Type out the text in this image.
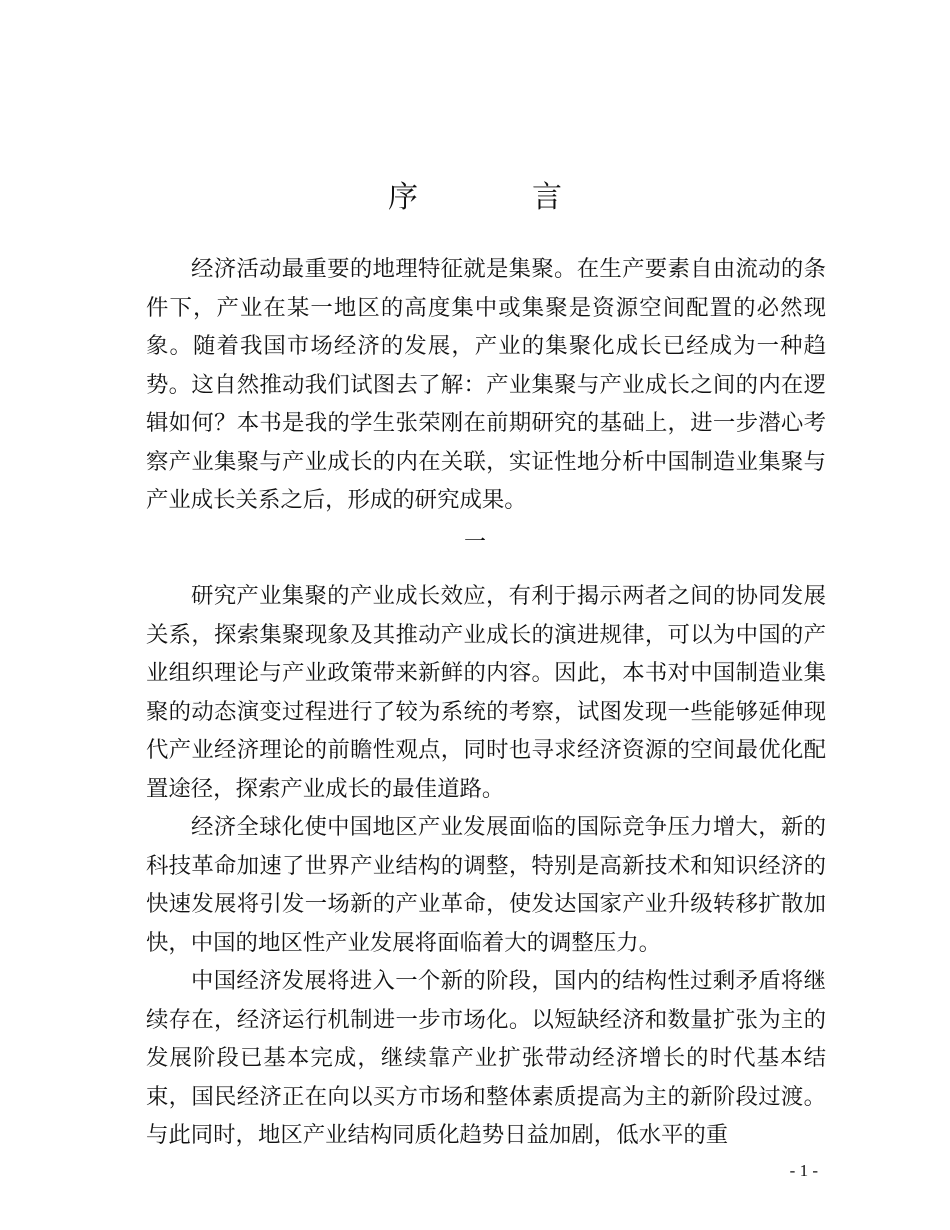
序　言

经济活动最重要的地理特征就是集聚。在生产要素自由流动的条件下，产业在某一地区的高度集中或集聚是资源空间配置的必然现象。随着我国市场经济的发展，产业的集聚化成长已经成为一种趋势。这自然推动我们试图去了解：产业集聚与产业成长之间的内在逻辑如何？本书是我的学生张荣刚在前期研究的基础上，进一步潜心考察产业集聚与产业成长的内在关联，实证性地分析中国制造业集聚与产业成长关系之后，形成的研究成果。

一

研究产业集聚的产业成长效应，有利于揭示两者之间的协同发展关系，探索集聚现象及其推动产业成长的演进规律，可以为中国的产业组织理论与产业政策带来新鲜的内容。因此，本书对中国制造业集聚的动态演变过程进行了较为系统的考察，试图发现一些能够延伸现代产业经济理论的前瞻性观点，同时也寻求经济资源的空间最优化配置途径，探索产业成长的最佳道路。

经济全球化使中国地区产业发展面临的国际竞争压力增大，新的科技革命加速了世界产业结构的调整，特别是高新技术和知识经济的快速发展将引发一场新的产业革命，使发达国家产业升级转移扩散加快，中国的地区性产业发展将面临着大的调整压力。

中国经济发展将进入一个新的阶段，国内的结构性过剩矛盾将继续存在，经济运行机制进一步市场化。以短缺经济和数量扩张为主的发展阶段已基本完成，继续靠产业扩张带动经济增长的时代基本结束，国民经济正在向以买方市场和整体素质提高为主的新阶段过渡。与此同时，地区产业结构同质化趋势日益加剧，低水平的重

- 1 -
